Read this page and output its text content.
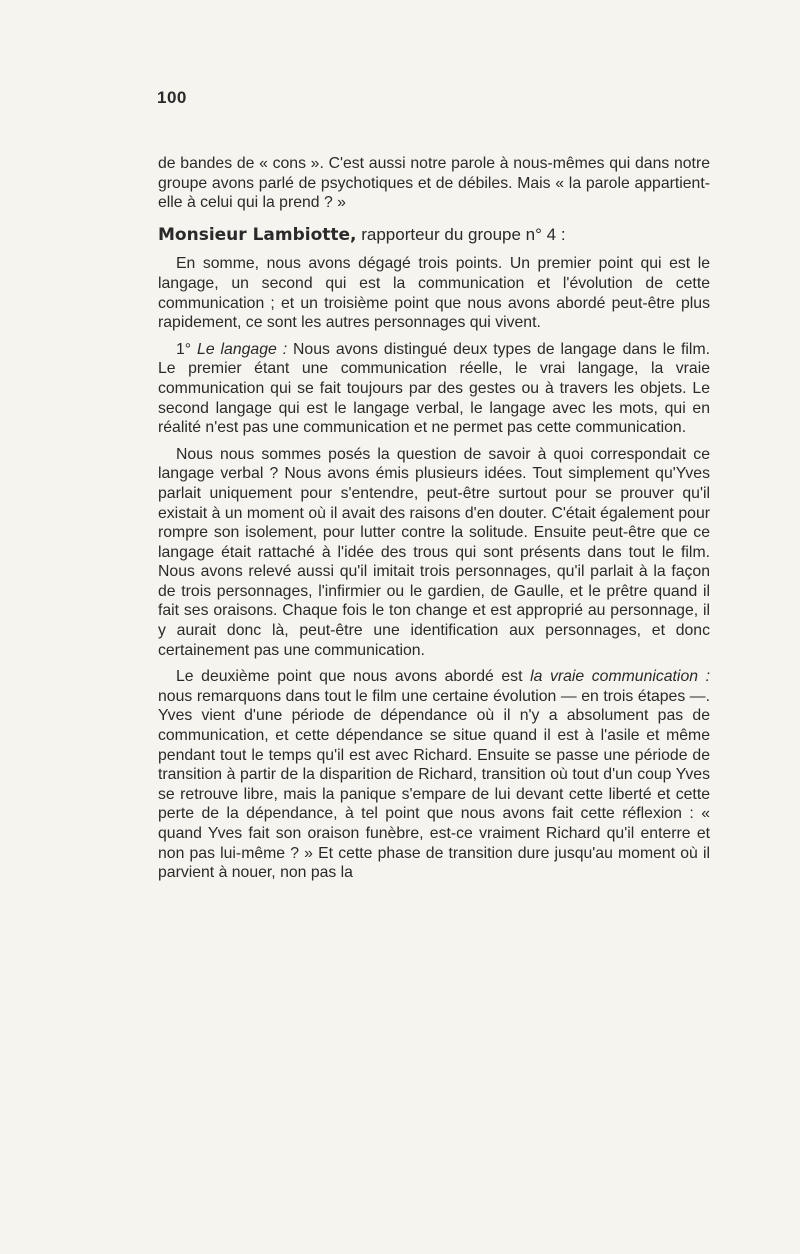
100

de bandes de « cons ». C'est aussi notre parole à nous-mêmes qui dans notre groupe avons parlé de psychotiques et de débiles. Mais « la parole appartient-elle à celui qui la prend ? »

Monsieur Lambiotte, rapporteur du groupe n° 4 :

En somme, nous avons dégagé trois points. Un premier point qui est le langage, un second qui est la communication et l'évolution de cette communication ; et un troisième point que nous avons abordé peut-être plus rapidement, ce sont les autres personnages qui vivent.

1° Le langage : Nous avons distingué deux types de langage dans le film. Le premier étant une communication réelle, le vrai langage, la vraie communication qui se fait toujours par des gestes ou à travers les objets. Le second langage qui est le langage verbal, le langage avec les mots, qui en réalité n'est pas une communication et ne permet pas cette communication.

Nous nous sommes posés la question de savoir à quoi correspondait ce langage verbal ? Nous avons émis plusieurs idées. Tout simplement qu'Yves parlait uniquement pour s'entendre, peut-être surtout pour se prouver qu'il existait à un moment où il avait des raisons d'en douter. C'était également pour rompre son isolement, pour lutter contre la solitude. Ensuite peut-être que ce langage était rattaché à l'idée des trous qui sont présents dans tout le film. Nous avons relevé aussi qu'il imitait trois personnages, qu'il parlait à la façon de trois personnages, l'infirmier ou le gardien, de Gaulle, et le prêtre quand il fait ses oraisons. Chaque fois le ton change et est approprié au personnage, il y aurait donc là, peut-être une identification aux personnages, et donc certainement pas une communication.

Le deuxième point que nous avons abordé est la vraie communication : nous remarquons dans tout le film une certaine évolution — en trois étapes —. Yves vient d'une période de dépendance où il n'y a absolument pas de communication, et cette dépendance se situe quand il est à l'asile et même pendant tout le temps qu'il est avec Richard. Ensuite se passe une période de transition à partir de la disparition de Richard, transition où tout d'un coup Yves se retrouve libre, mais la panique s'empare de lui devant cette liberté et cette perte de la dépendance, à tel point que nous avons fait cette réflexion : « quand Yves fait son oraison funèbre, est-ce vraiment Richard qu'il enterre et non pas lui-même ? » Et cette phase de transition dure jusqu'au moment où il parvient à nouer, non pas la
